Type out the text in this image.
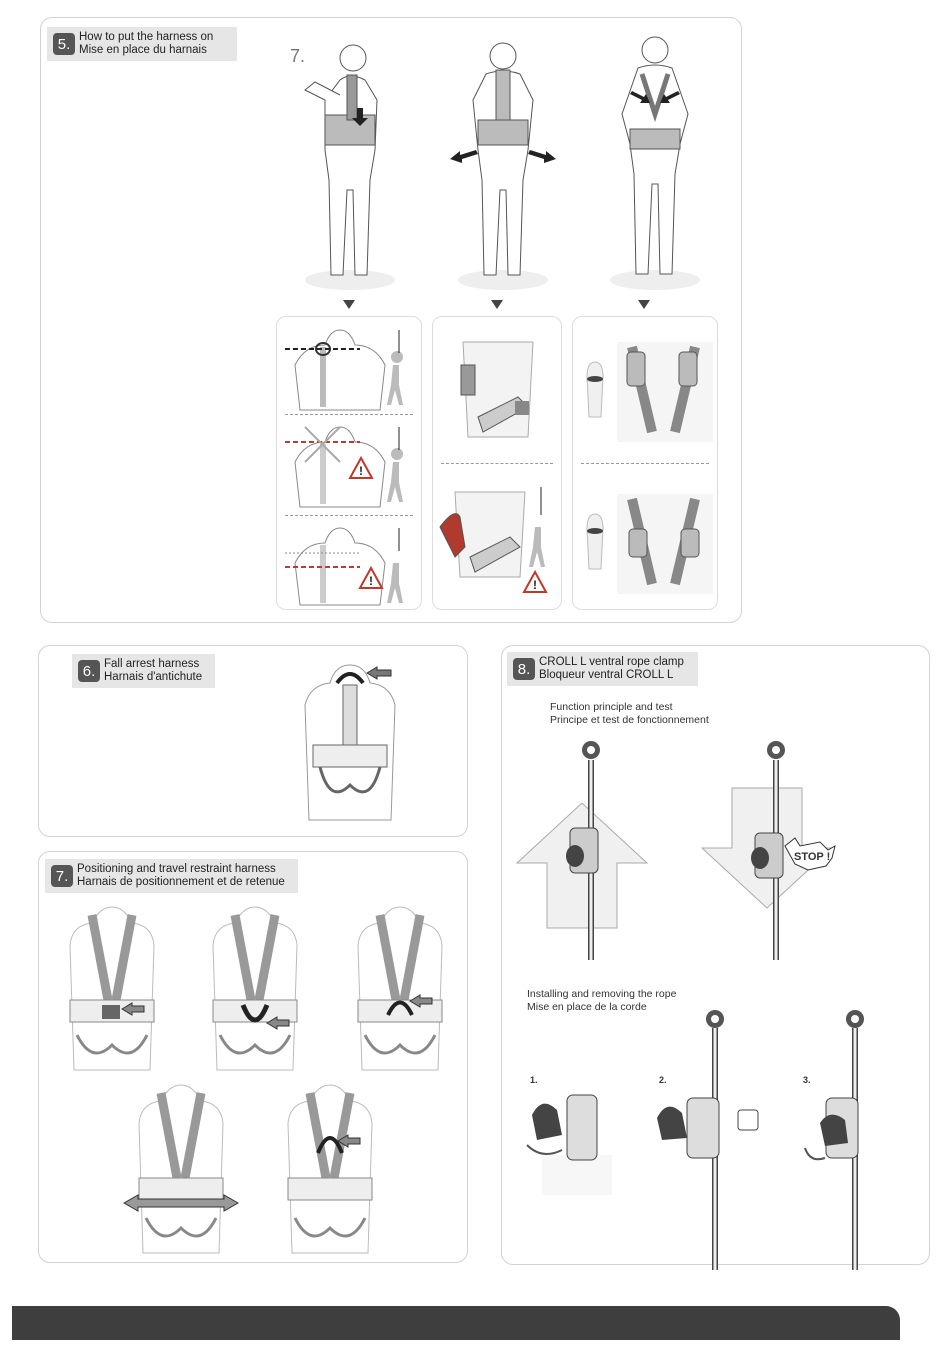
5. How to put the harness on
Mise en place du harnais	7.
!
!	!
6. Fall arrest harness
Harnais d'antichute
7. Positioning and travel restraint harness
Harnais de positionnement et de retenue
8. CROLL L ventral rope clamp
Bloqueur ventral CROLL L
Function principle and test
Principe et test de fonctionnement
STOP !
Installing and removing the rope
Mise en place de la corde
1.	2.	3.
